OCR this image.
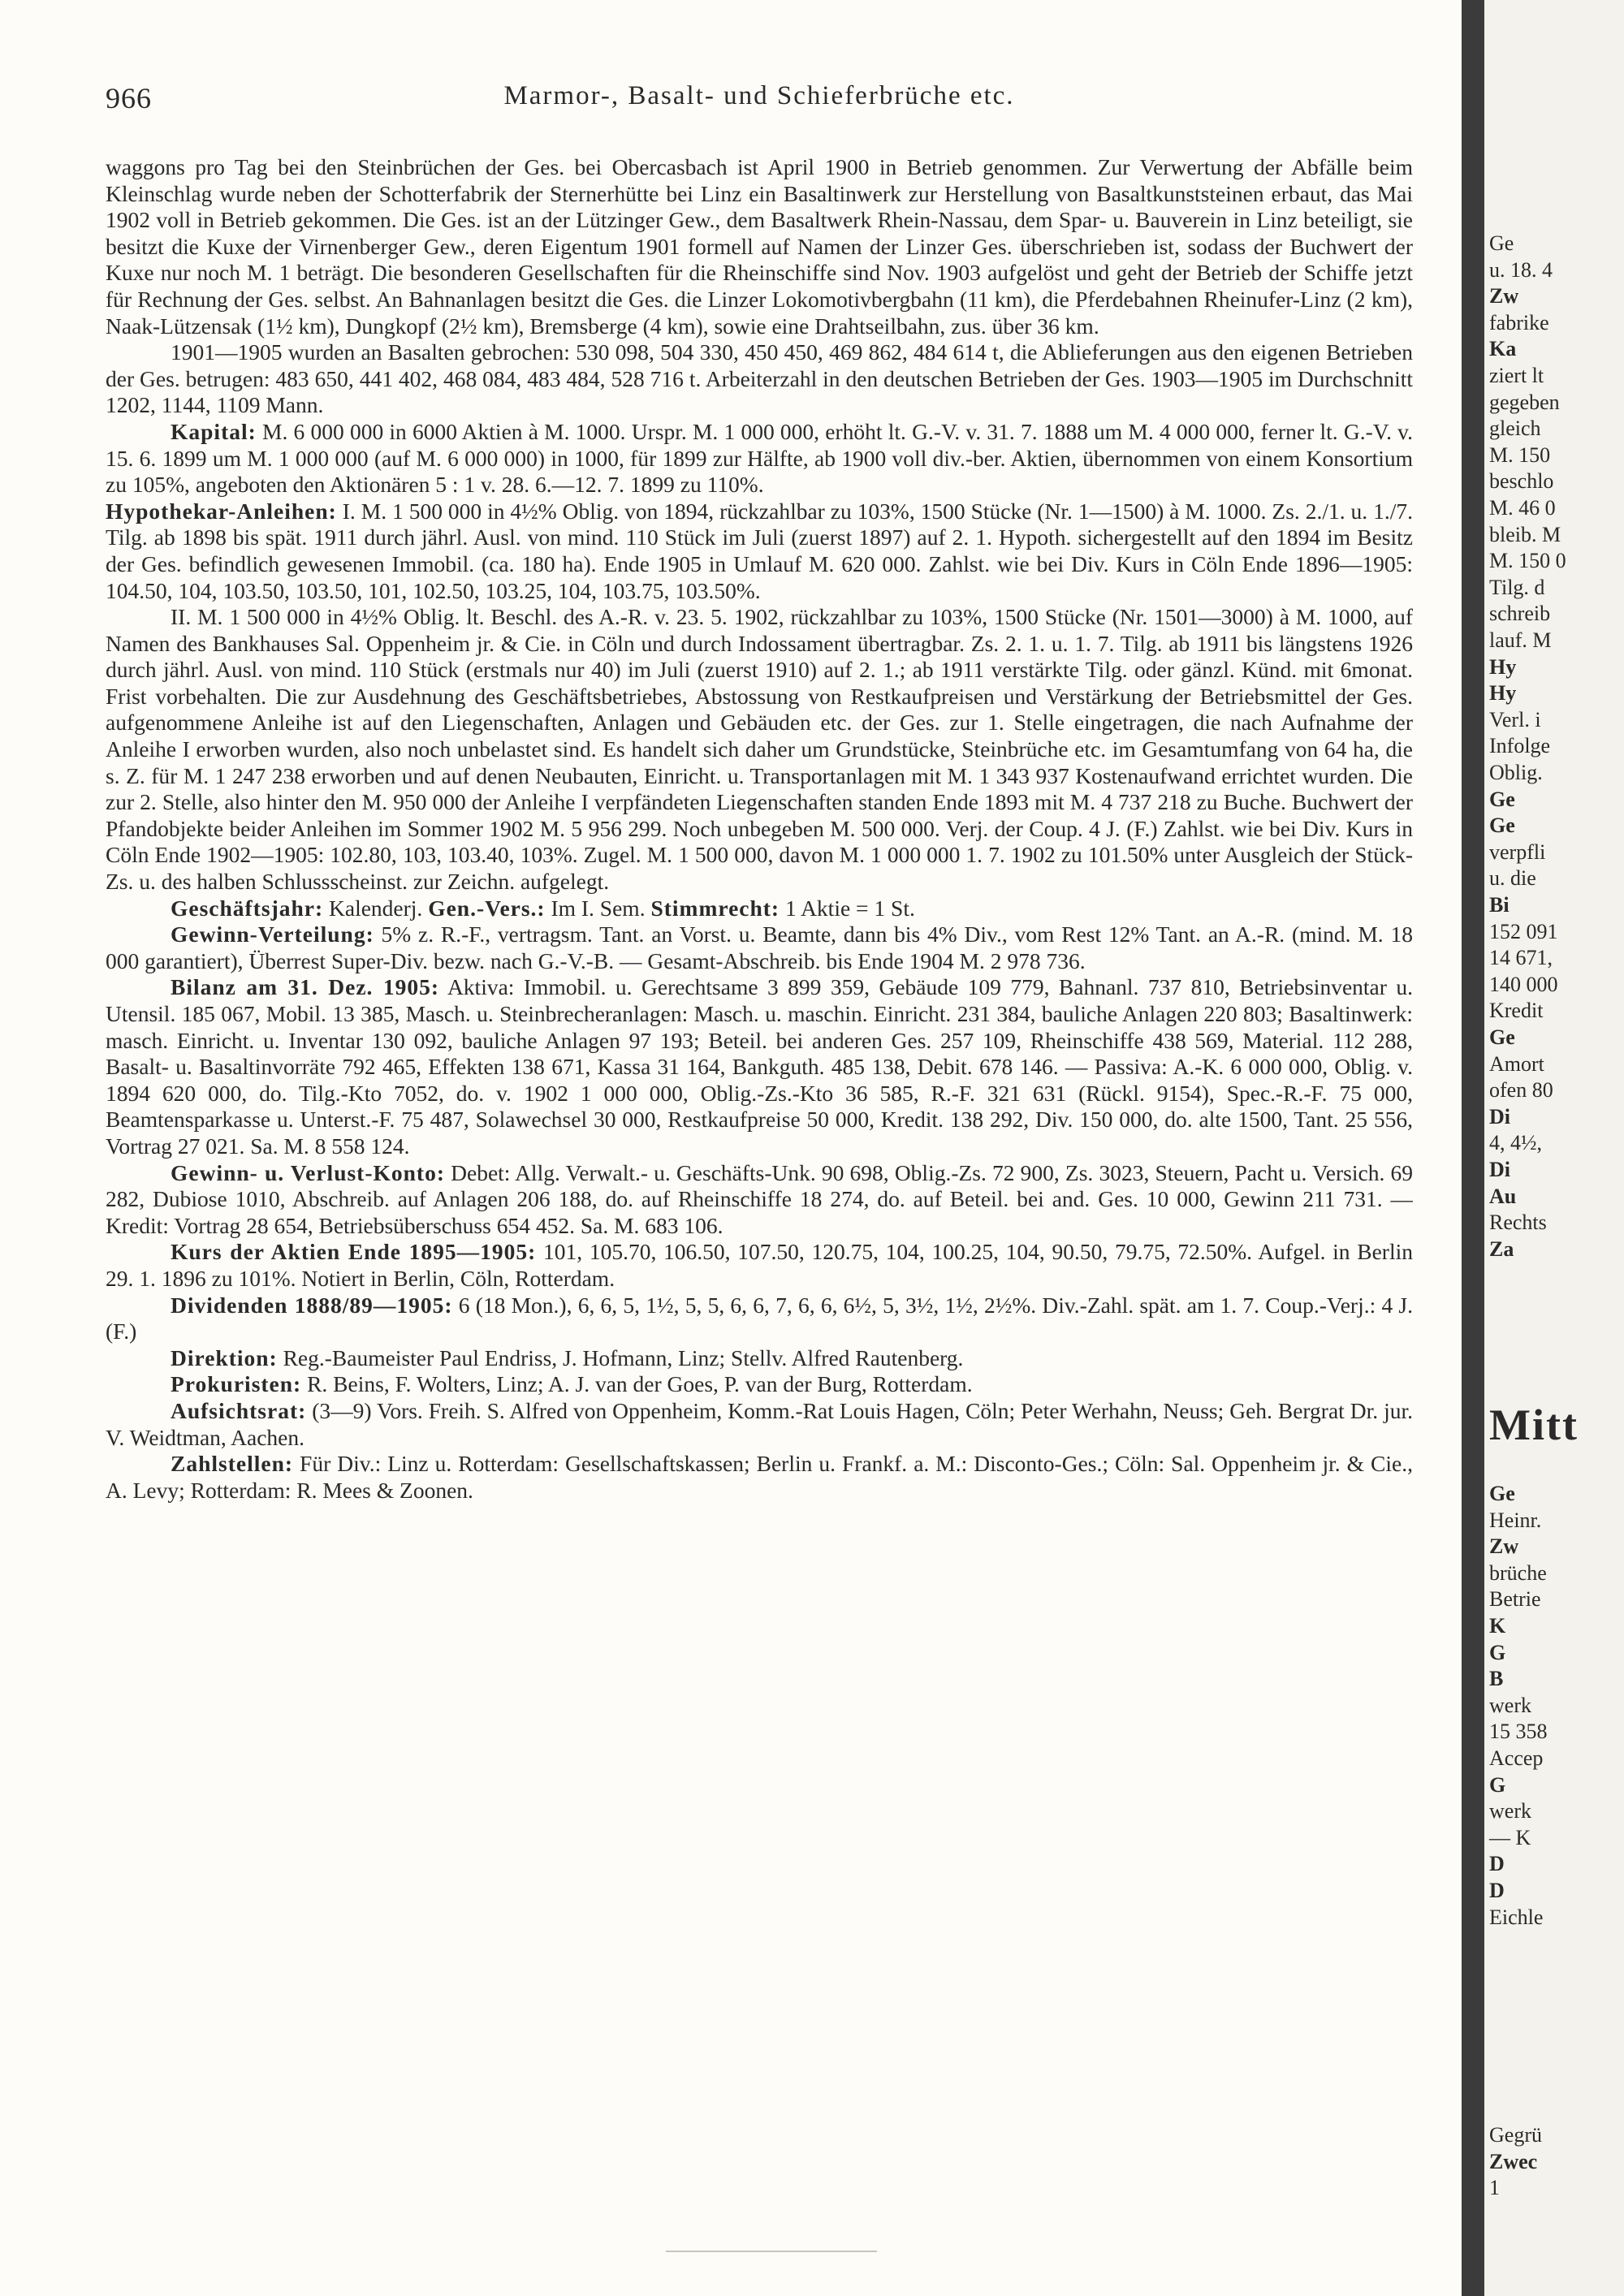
966	Marmor-, Basalt- und Schieferbrüche etc.

waggons pro Tag bei den Steinbrüchen der Ges. bei Obercasbach ist April 1900 in Betrieb genommen. Zur Verwertung der Abfälle beim Kleinschlag wurde neben der Schotterfabrik der Sternerhütte bei Linz ein Basaltinwerk zur Herstellung von Basaltkunststeinen erbaut, das Mai 1902 voll in Betrieb gekommen. Die Ges. ist an der Lützinger Gew., dem Basaltwerk Rhein-Nassau, dem Spar- u. Bauverein in Linz beteiligt, sie besitzt die Kuxe der Virnenberger Gew., deren Eigentum 1901 formell auf Namen der Linzer Ges. überschrieben ist, sodass der Buchwert der Kuxe nur noch M. 1 beträgt. Die besonderen Gesellschaften für die Rheinschiffe sind Nov. 1903 aufgelöst und geht der Betrieb der Schiffe jetzt für Rechnung der Ges. selbst. An Bahnanlagen besitzt die Ges. die Linzer Lokomotivbergbahn (11 km), die Pferdebahnen Rheinufer-Linz (2 km), Naak-Lützensak (1½ km), Dungkopf (2½ km), Bremsberge (4 km), sowie eine Drahtseilbahn, zus. über 36 km.

1901—1905 wurden an Basalten gebrochen: 530 098, 504 330, 450 450, 469 862, 484 614 t, die Ablieferungen aus den eigenen Betrieben der Ges. betrugen: 483 650, 441 402, 468 084, 483 484, 528 716 t. Arbeiterzahl in den deutschen Betrieben der Ges. 1903—1905 im Durchschnitt 1202, 1144, 1109 Mann.

Kapital: M. 6 000 000 in 6000 Aktien à M. 1000. Urspr. M. 1 000 000, erhöht lt. G.-V. v. 31. 7. 1888 um M. 4 000 000, ferner lt. G.-V. v. 15. 6. 1899 um M. 1 000 000 (auf M. 6 000 000) in 1000, für 1899 zur Hälfte, ab 1900 voll div.-ber. Aktien, übernommen von einem Konsortium zu 105%, angeboten den Aktionären 5 : 1 v. 28. 6.—12. 7. 1899 zu 110%.

Hypothekar-Anleihen: I. M. 1 500 000 in 4½% Oblig. von 1894, rückzahlbar zu 103%, 1500 Stücke (Nr. 1—1500) à M. 1000. Zs. 2./1. u. 1./7. Tilg. ab 1898 bis spät. 1911 durch jährl. Ausl. von mind. 110 Stück im Juli (zuerst 1897) auf 2. 1. Hypoth. sichergestellt auf den 1894 im Besitz der Ges. befindlich gewesenen Immobil. (ca. 180 ha). Ende 1905 in Umlauf M. 620 000. Zahlst. wie bei Div. Kurs in Cöln Ende 1896—1905: 104.50, 104, 103.50, 103.50, 101, 102.50, 103.25, 104, 103.75, 103.50%.

II. M. 1 500 000 in 4½% Oblig. lt. Beschl. des A.-R. v. 23. 5. 1902, rückzahlbar zu 103%, 1500 Stücke (Nr. 1501—3000) à M. 1000, auf Namen des Bankhauses Sal. Oppenheim jr. & Cie. in Cöln und durch Indossament übertragbar. Zs. 2. 1. u. 1. 7. Tilg. ab 1911 bis längstens 1926 durch jährl. Ausl. von mind. 110 Stück (erstmals nur 40) im Juli (zuerst 1910) auf 2. 1.; ab 1911 verstärkte Tilg. oder gänzl. Künd. mit 6monat. Frist vorbehalten. Die zur Ausdehnung des Geschäftsbetriebes, Abstossung von Restkaufpreisen und Verstärkung der Betriebsmittel der Ges. aufgenommene Anleihe ist auf den Liegenschaften, Anlagen und Gebäuden etc. der Ges. zur 1. Stelle eingetragen, die nach Aufnahme der Anleihe I erworben wurden, also noch unbelastet sind. Es handelt sich daher um Grundstücke, Steinbrüche etc. im Gesamtumfang von 64 ha, die s. Z. für M. 1 247 238 erworben und auf denen Neubauten, Einricht. u. Transportanlagen mit M. 1 343 937 Kostenaufwand errichtet wurden. Die zur 2. Stelle, also hinter den M. 950 000 der Anleihe I verpfändeten Liegenschaften standen Ende 1893 mit M. 4 737 218 zu Buche. Buchwert der Pfandobjekte beider Anleihen im Sommer 1902 M. 5 956 299. Noch unbegeben M. 500 000. Verj. der Coup. 4 J. (F.) Zahlst. wie bei Div. Kurs in Cöln Ende 1902—1905: 102.80, 103, 103.40, 103%. Zugel. M. 1 500 000, davon M. 1 000 000 1. 7. 1902 zu 101.50% unter Ausgleich der Stück-Zs. u. des halben Schlussscheinst. zur Zeichn. aufgelegt.

Geschäftsjahr: Kalenderj. Gen.-Vers.: Im I. Sem. Stimmrecht: 1 Aktie = 1 St.

Gewinn-Verteilung: 5% z. R.-F., vertragsm. Tant. an Vorst. u. Beamte, dann bis 4% Div., vom Rest 12% Tant. an A.-R. (mind. M. 18 000 garantiert), Überrest Super-Div. bezw. nach G.-V.-B. — Gesamt-Abschreib. bis Ende 1904 M. 2 978 736.

Bilanz am 31. Dez. 1905: Aktiva: Immobil. u. Gerechtsame 3 899 359, Gebäude 109 779, Bahnanl. 737 810, Betriebsinventar u. Utensil. 185 067, Mobil. 13 385, Masch. u. Steinbrecheranlagen: Masch. u. maschin. Einricht. 231 384, bauliche Anlagen 220 803; Basaltinwerk: masch. Einricht. u. Inventar 130 092, bauliche Anlagen 97 193; Beteil. bei anderen Ges. 257 109, Rheinschiffe 438 569, Material. 112 288, Basalt- u. Basaltinvorräte 792 465, Effekten 138 671, Kassa 31 164, Bankguth. 485 138, Debit. 678 146. — Passiva: A.-K. 6 000 000, Oblig. v. 1894 620 000, do. Tilg.-Kto 7052, do. v. 1902 1 000 000, Oblig.-Zs.-Kto 36 585, R.-F. 321 631 (Rückl. 9154), Spec.-R.-F. 75 000, Beamtensparkasse u. Unterst.-F. 75 487, Solawechsel 30 000, Restkaufpreise 50 000, Kredit. 138 292, Div. 150 000, do. alte 1500, Tant. 25 556, Vortrag 27 021. Sa. M. 8 558 124.

Gewinn- u. Verlust-Konto: Debet: Allg. Verwalt.- u. Geschäfts-Unk. 90 698, Oblig.-Zs. 72 900, Zs. 3023, Steuern, Pacht u. Versich. 69 282, Dubiose 1010, Abschreib. auf Anlagen 206 188, do. auf Rheinschiffe 18 274, do. auf Beteil. bei and. Ges. 10 000, Gewinn 211 731. — Kredit: Vortrag 28 654, Betriebsüberschuss 654 452. Sa. M. 683 106.

Kurs der Aktien Ende 1895—1905: 101, 105.70, 106.50, 107.50, 120.75, 104, 100.25, 104, 90.50, 79.75, 72.50%. Aufgel. in Berlin 29. 1. 1896 zu 101%. Notiert in Berlin, Cöln, Rotterdam.

Dividenden 1888/89—1905: 6 (18 Mon.), 6, 6, 5, 1½, 5, 5, 6, 6, 7, 6, 6, 6½, 5, 3½, 1½, 2½%. Div.-Zahl. spät. am 1. 7. Coup.-Verj.: 4 J. (F.)

Direktion: Reg.-Baumeister Paul Endriss, J. Hofmann, Linz; Stellv. Alfred Rautenberg.

Prokuristen: R. Beins, F. Wolters, Linz; A. J. van der Goes, P. van der Burg, Rotterdam.

Aufsichtsrat: (3—9) Vors. Freih. S. Alfred von Oppenheim, Komm.-Rat Louis Hagen, Cöln; Peter Werhahn, Neuss; Geh. Bergrat Dr. jur. V. Weidtman, Aachen.

Zahlstellen: Für Div.: Linz u. Rotterdam: Gesellschaftskassen; Berlin u. Frankf. a. M.: Disconto-Ges.; Cöln: Sal. Oppenheim jr. & Cie., A. Levy; Rotterdam: R. Mees & Zoonen.

Ge
u. 18. 4
Zw
fabrike
Ka
ziert lt
gegeben
gleich
M. 150
beschlo
M. 46 0
bleib. M
M. 150 0
Tilg. d
schreib
lauf. M
Hy
Hy
Verl. i
Infolge
Oblig.
Ge
Ge
verpfli
u. die
Bi
152 091
14 671,
140 000
Kredit
Ge
Amort
ofen 80
Di
4, 4½,
Di
Au
Rechts
Za
Mitt
Ge
Heinr.
Zw
brüche
Betrie
K
G
B
werk
15 358
Accep
G
werk
— K
D
D
Eichle
Gegrü
Zwec
1
